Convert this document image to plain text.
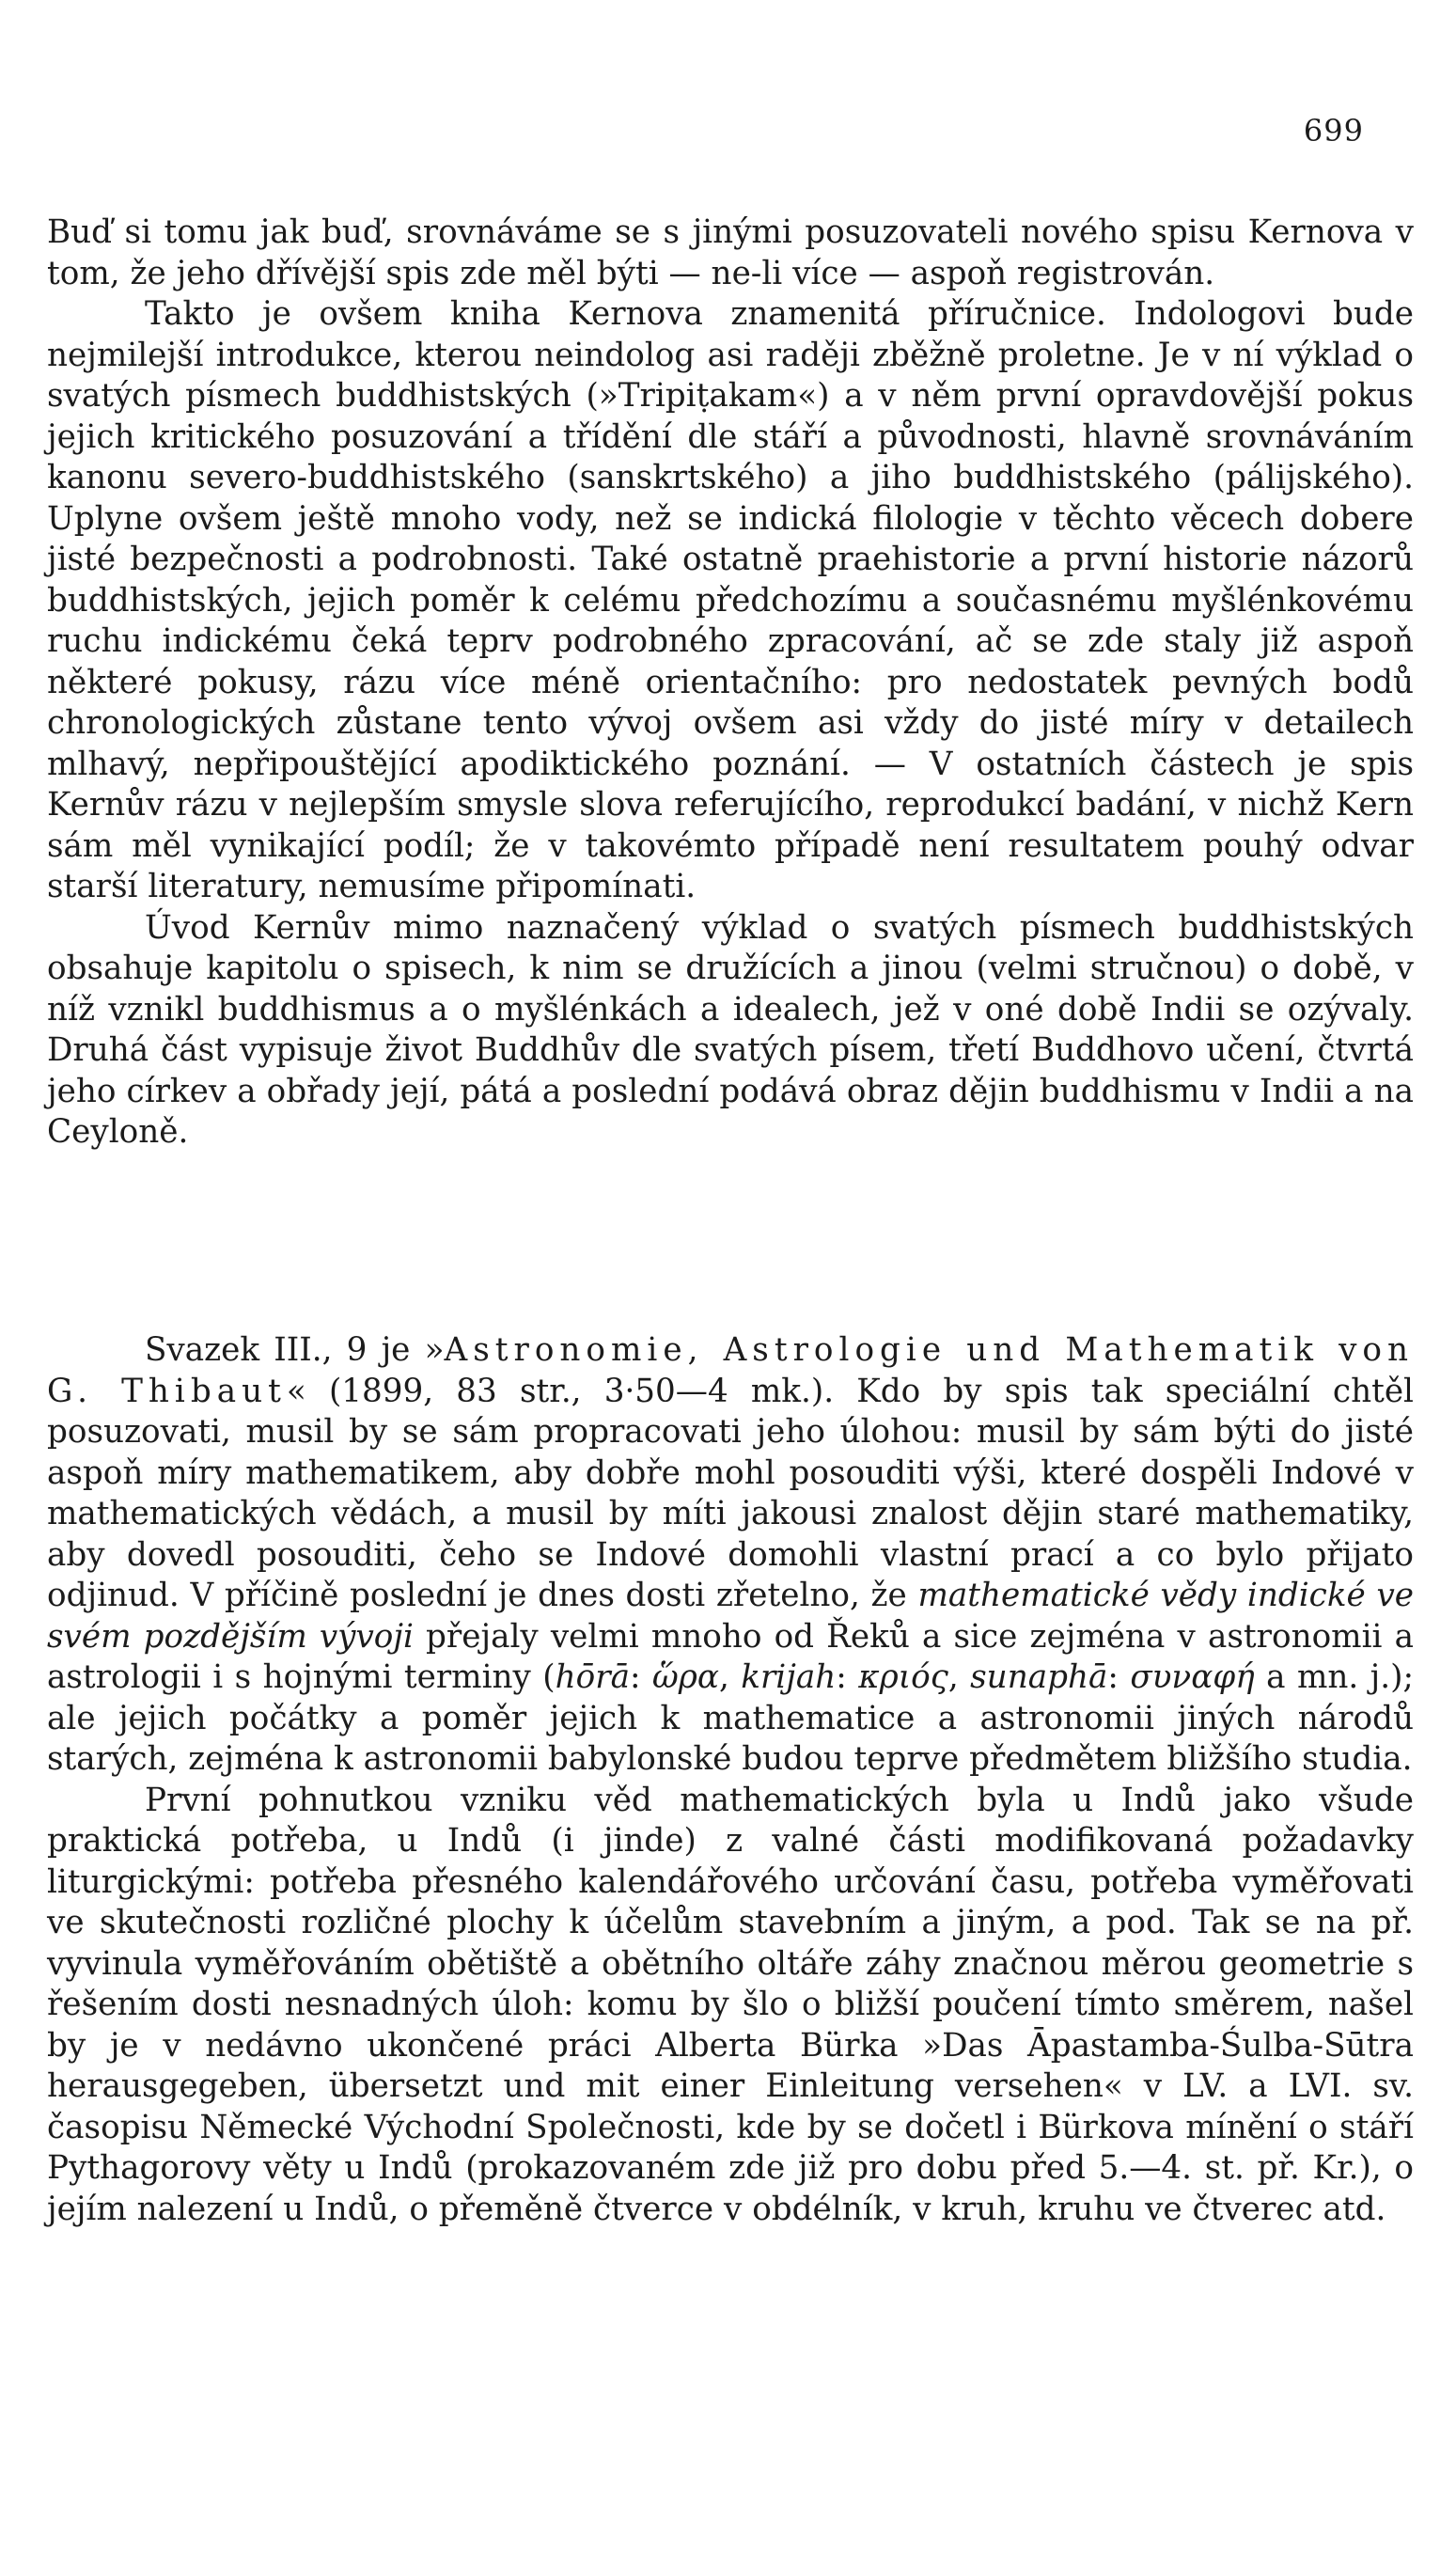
699

Buď si tomu jak buď, srovnáváme se s jinými posuzovateli nového spisu Kernova v tom, že jeho dřívější spis zde měl býti — ne-li více — aspoň registrován.

Takto je ovšem kniha Kernova znamenitá příručnice. Indologovi bude nejmilejší introdukce, kterou neindolog asi raději zběžně proletne. Je v ní výklad o svatých písmech buddhistských (»Tripiṭakam«) a v něm první opravdovější pokus jejich kritického posuzování a třídění dle stáří a původnosti, hlavně srovnáváním kanonu severo-buddhistského (sanskrtského) a jiho buddhistského (pálijského). Uplyne ovšem ještě mnoho vody, než se indická filologie v těchto věcech dobere jisté bezpečnosti a podrobnosti. Také ostatně praehistorie a první historie názorů buddhistských, jejich poměr k celému předchozímu a současnému myšlénkovému ruchu indickému čeká teprv podrobného zpracování, ač se zde staly již aspoň některé pokusy, rázu více méně orientačního: pro nedostatek pevných bodů chronologických zůstane tento vývoj ovšem asi vždy do jisté míry v detailech mlhavý, nepřipouštějící apodiktického poznání. — V ostatních částech je spis Kernův rázu v nejlepším smysle slova referujícího, reprodukcí badání, v nichž Kern sám měl vynikající podíl; že v takovémto případě není resultatem pouhý odvar starší literatury, nemusíme připomínati.

Úvod Kernův mimo naznačený výklad o svatých písmech buddhistských obsahuje kapitolu o spisech, k nim se družících a jinou (velmi stručnou) o době, v níž vznikl buddhismus a o myšlénkách a idealech, jež v oné době Indii se ozývaly. Druhá část vypisuje život Buddhův dle svatých písem, třetí Buddhovo učení, čtvrtá jeho církev a obřady její, pátá a poslední podává obraz dějin buddhismu v Indii a na Ceyloně.

Svazek III., 9 je »Astronomie, Astrologie und Mathematik von G. Thibaut« (1899, 83 str., 3·50—4 mk.). Kdo by spis tak speciální chtěl posuzovati, musil by se sám propracovati jeho úlohou: musil by sám býti do jisté aspoň míry mathematikem, aby dobře mohl posouditi výši, které dospěli Indové v mathematických vědách, a musil by míti jakousi znalost dějin staré mathematiky, aby dovedl posouditi, čeho se Indové domohli vlastní prací a co bylo přijato odjinud. V příčině poslední je dnes dosti zřetelno, že mathematické vědy indické ve svém pozdějším vývoji přejaly velmi mnoho od Řeků a sice zejména v astronomii a astrologii i s hojnými terminy (hōrā: ὥρα, krijah: κριός, sunaphā: συναφή a mn. j.); ale jejich počátky a poměr jejich k mathematice a astronomii jiných národů starých, zejména k astronomii babylonské budou teprve předmětem bližšího studia.

První pohnutkou vzniku věd mathematických byla u Indů jako všude praktická potřeba, u Indů (i jinde) z valné části modifikovaná požadavky liturgickými: potřeba přesného kalendářového určování času, potřeba vyměřovati ve skutečnosti rozličné plochy k účelům stavebním a jiným, a pod. Tak se na př. vyvinula vyměřováním obětiště a obětního oltáře záhy značnou měrou geometrie s řešením dosti nesnadných úloh: komu by šlo o bližší poučení tímto směrem, našel by je v nedávno ukončené práci Alberta Bürka »Das Āpastamba-Śulba-Sūtra herausgegeben, übersetzt und mit einer Einleitung versehen« v LV. a LVI. sv. časopisu Německé Východní Společnosti, kde by se dočetl i Bürkova mínění o stáří Pythagorovy věty u Indů (prokazovaném zde již pro dobu před 5.—4. st. př. Kr.), o jejím nalezení u Indů, o přeměně čtverce v obdélník, v kruh, kruhu ve čtverec atd.
